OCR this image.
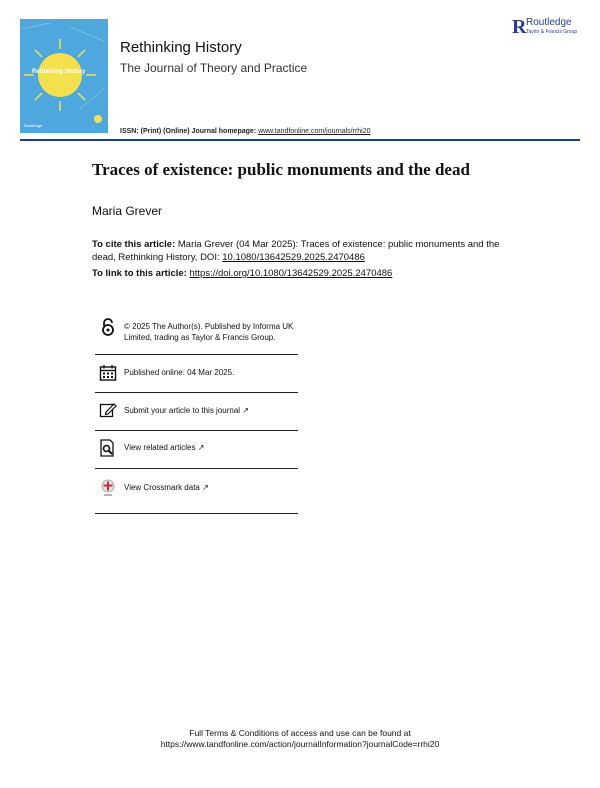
Rethinking History
Routledge
Rethinking History
The Journal of Theory and Practice
R Routledge
Taylor & Francis Group
ISSN: (Print) (Online) Journal homepage: www.tandfonline.com/journals/rrhi20
Traces of existence: public monuments and the dead
Maria Grever
To cite this article: Maria Grever (04 Mar 2025): Traces of existence: public monuments and the dead, Rethinking History, DOI: 10.1080/13642529.2025.2470486
To link to this article: https://doi.org/10.1080/13642529.2025.2470486
© 2025 The Author(s). Published by Informa UK Limited, trading as Taylor & Francis Group.
Published online: 04 Mar 2025.
Submit your article to this journal ↗
View related articles ↗
View Crossmark data ↗
Full Terms & Conditions of access and use can be found at
https://www.tandfonline.com/action/journalInformation?journalCode=rrhi20
